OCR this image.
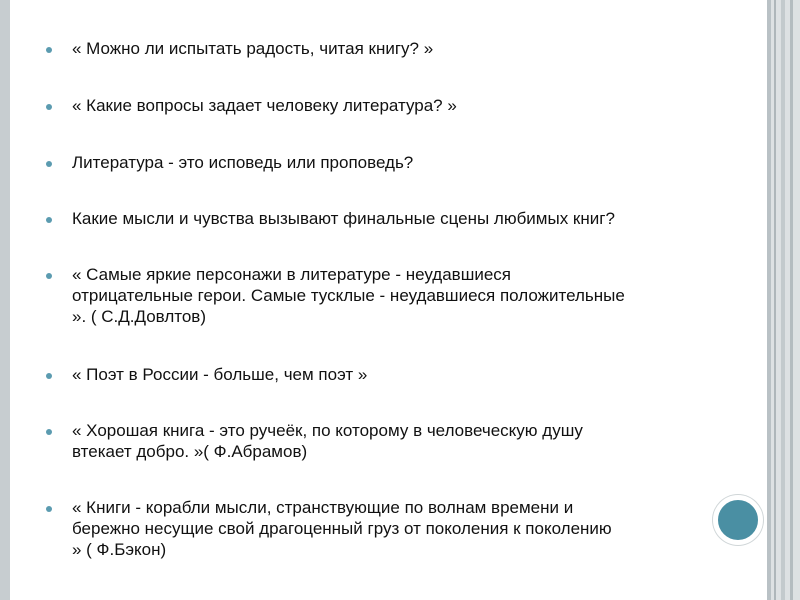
« Можно ли испытать радость, читая книгу? »
« Какие вопросы задает человеку литература? »
Литература - это исповедь или проповедь?
Какие мысли и чувства вызывают финальные сцены любимых книг?
« Самые яркие персонажи в литературе - неудавшиеся
отрицательные герои. Самые тусклые - неудавшиеся положительные
». ( С.Д.Довлтов)
« Поэт в России - больше, чем поэт »
« Хорошая книга - это ручеёк, по которому в человеческую душу
втекает добро. »( Ф.Абрамов)
« Книги - корабли мысли, странствующие по волнам времени и
бережно несущие свой драгоценный груз от поколения к поколению
» ( Ф.Бэкон)
